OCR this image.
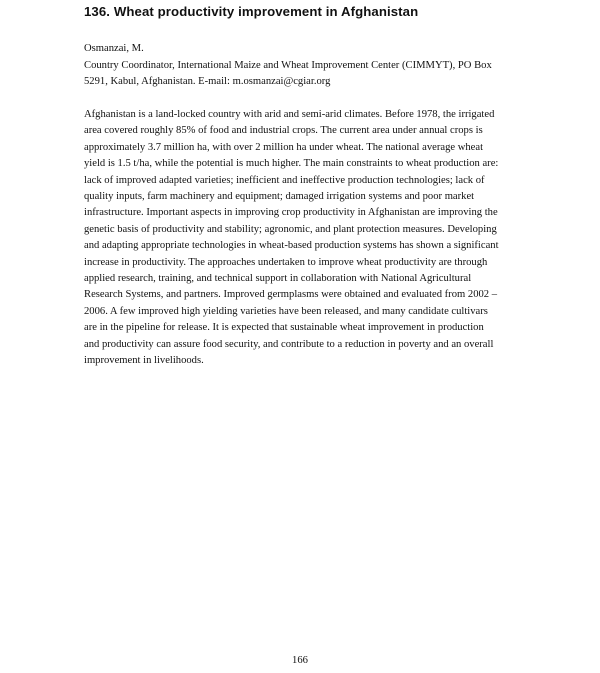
136. Wheat productivity improvement in Afghanistan
Osmanzai, M.
Country Coordinator, International Maize and Wheat Improvement Center (CIMMYT), PO Box
5291, Kabul, Afghanistan. E-mail: m.osmanzai@cgiar.org
Afghanistan is a land-locked country with arid and semi-arid climates. Before 1978, the irrigated
area covered roughly 85% of food and industrial crops. The current area under annual crops is
approximately 3.7 million ha, with over 2 million ha under wheat. The national average wheat
yield is 1.5 t/ha, while the potential is much higher. The main constraints to wheat production are:
lack of improved adapted varieties; inefficient and ineffective production technologies; lack of
quality inputs, farm machinery and equipment; damaged irrigation systems and poor market
infrastructure. Important aspects in improving crop productivity in Afghanistan are improving the
genetic basis of productivity and stability; agronomic, and plant protection measures. Developing
and adapting appropriate technologies in wheat-based production systems has shown a significant
increase in productivity. The approaches undertaken to improve wheat productivity are through
applied research, training, and technical support in collaboration with National Agricultural
Research Systems, and partners. Improved germplasms were obtained and evaluated from 2002 –
2006. A few improved high yielding varieties have been released, and many candidate cultivars
are in the pipeline for release. It is expected that sustainable wheat improvement in production
and productivity can assure food security, and contribute to a reduction in poverty and an overall
improvement in livelihoods.
166
